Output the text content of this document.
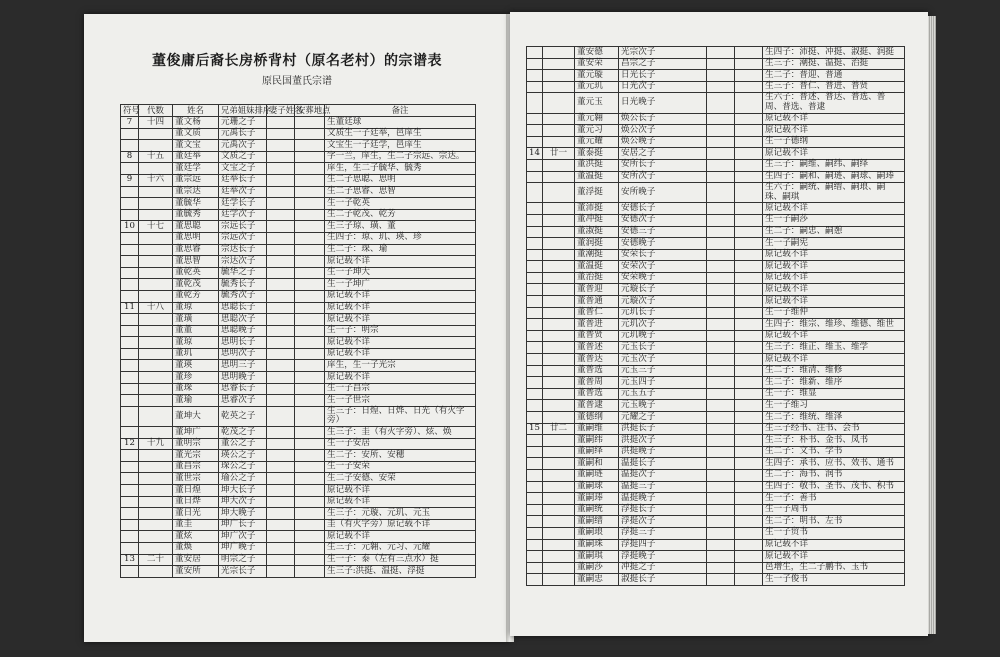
董俊庸后裔长房桥背村（原名老村）的宗谱表
原民国董氏宗谱
符号	代数	姓名	兄弟姐妹排序	妻子姓名	安葬地点	备注
7	十四	董文杨	元珊之子			生董廷球
		董文质	元禹长子			文质生一子廷举，邑庠生
		董文宝	元禹次子			文宝生一子廷学，邑庠生
8	十五	董廷举	文质之子			字一兰，庠生，生二子宗远、宗达。
		董廷学	文宝之子			庠生，生二子毓华、毓秀
9	十六	董宗远	廷举长子			生二子思聪、思明
		董宗达	廷举次子			生二子思睿、思智
		董毓华	廷学长子			生一子乾英
		董毓秀	廷学次子			生二子乾茂、乾芳
10	十七	董思聪	宗远长子			生三子琼、璜、董
		董思明	宗远次子			生四子：琼、玑、瑛、珍
		董思睿	宗达长子			生二子：琛、瑜
		董思智	宗达次子			原记载不详
		董乾英	毓华之子			生一子坤大
		董乾茂	毓秀长子			生一子坤广
		董乾芳	毓秀次子			原记载不详
11	十八	董琼	思聪长子			原记载不详
		董璜	思聪次子			原记载不详
		董董	思聪晚子			生一子：明宗
		董琼	思明长子			原记载不详
		董玑	思明次子			原记载不详
		董瑛	思明三子			庠生，生一子光宗
		董珍	思明晚子			原记载不详
		董琛	思睿长子			生一子昌宗
		董瑜	思睿次子			生一子世宗
		董坤大	乾英之子			生三子：日煌、日烨、日光（有火字旁）
		董坤广	乾茂之子			生三子：圭（有火字旁）、炫、焕
12	十九	董明宗	董公之子			生一子安居
		董光宗	瑛公之子			生二子：安所、安穗
		董昌宗	琛公之子			生一子安荣
		董世宗	瑜公之子			生二子安德、安荣
		董日煌	坤大长子			原记载不详
		董日烨	坤大次子			原记载不详
		董日光	坤大晚子			生三子：元璇、元玑、元玉
		董圭	坤广长子			圭（有火字旁）原记载不详
		董炫	坤广次子			原记载不详
		董焕	坤广晚子			生三子：元翱、元习、元耀
13	二十	董安居	明宗之子			生一子：泰（左有三点水）挺
		董安所	光宗长子			生三子:洪挺、温挺、浮挺
		董安德	光宗次子			生四子：沛挺、冲挺、淑挺、润挺
		董安荣	昌宗之子			生三子：潮挺、温挺、治挺
		董元璇	日光长子			生二子：普迎、普通
		董元玑	日光次子			生三子：普仁、普进、普贤
		董元玉	日光晚子			生六子：普述、普达、普选、普周、普选、普逮
		董元翱	焕公长子			原记载不详
		董元习	焕公次子			原记载不详
		董元耀	焕公晚子			生一子德纲
14	廿一	董泰挺	安居之子			原记载不详
		董洪挺	安所长子			生三子：嗣维、嗣纬、嗣绎
		董温挺	安所次子			生四子：嗣和、嗣琏、嗣球、嗣琫
		董浮挺	安所晚子			生六子：嗣统、嗣缙、嗣琅、嗣珠、嗣琪
		董沛挺	安德长子			原记载不详
		董冲挺	安德次子			生一子嗣莎
		董淑挺	安德三子			生二子：嗣忠、嗣憩
		董润挺	安德晚子			生一子嗣宪
		董潮挺	安荣长子			原记载不详
		董温挺	安荣次子			原记载不详
		董治挺	安荣晚子			原记载不详
		董普迎	元璇长子			原记载不详
		董普通	元璇次子			原记载不详
		董普仁	元玑长子			生一子维仲
		董普进	元玑次子			生四子：维宗、维珍、维德、维世
		董普贤	元玑晚子			原记载不详
		董普述	元玉长子			生三子：维正、维玉、维学
		董普达	元玉次子			原记载不详
		董普选	元玉三子			生二子：维清、维修
		董普周	元玉四子			生二子：维新、维序
		董普选	元玉五子			生一子：维显
		董普逮	元玉晚子			生一子维习
		董德纲	元耀之子			生二子：维统、维泽
15	廿二	董嗣维	洪挺长子			生三子经书、注书、会书
		董嗣纬	洪挺次子			生三子：朴书、金书、凤书
		董嗣绎	洪挺晚子			生二子：文书、学书
		董嗣和	温挺长子			生四子：承书、应书、效书、通书
		董嗣琏	温挺次子			生二子：海书、润书
		董嗣球	温挺三子			生四子：敬书、圣书、茂书、积书
		董嗣琫	温挺晚子			生一子：善书
		董嗣统	浮挺长子			生一子周书
		董嗣缙	浮挺次子			生二子：明书、左书
		董嗣琅	浮挺三子			生一子贸书
		董嗣珠	浮挺四子			原记载不详
		董嗣琪	浮挺晚子			原记载不详
		董嗣莎	冲挺之子			邑增生，生二子鹏书、玉书
		董嗣忠	淑挺长子			生一子俊书
